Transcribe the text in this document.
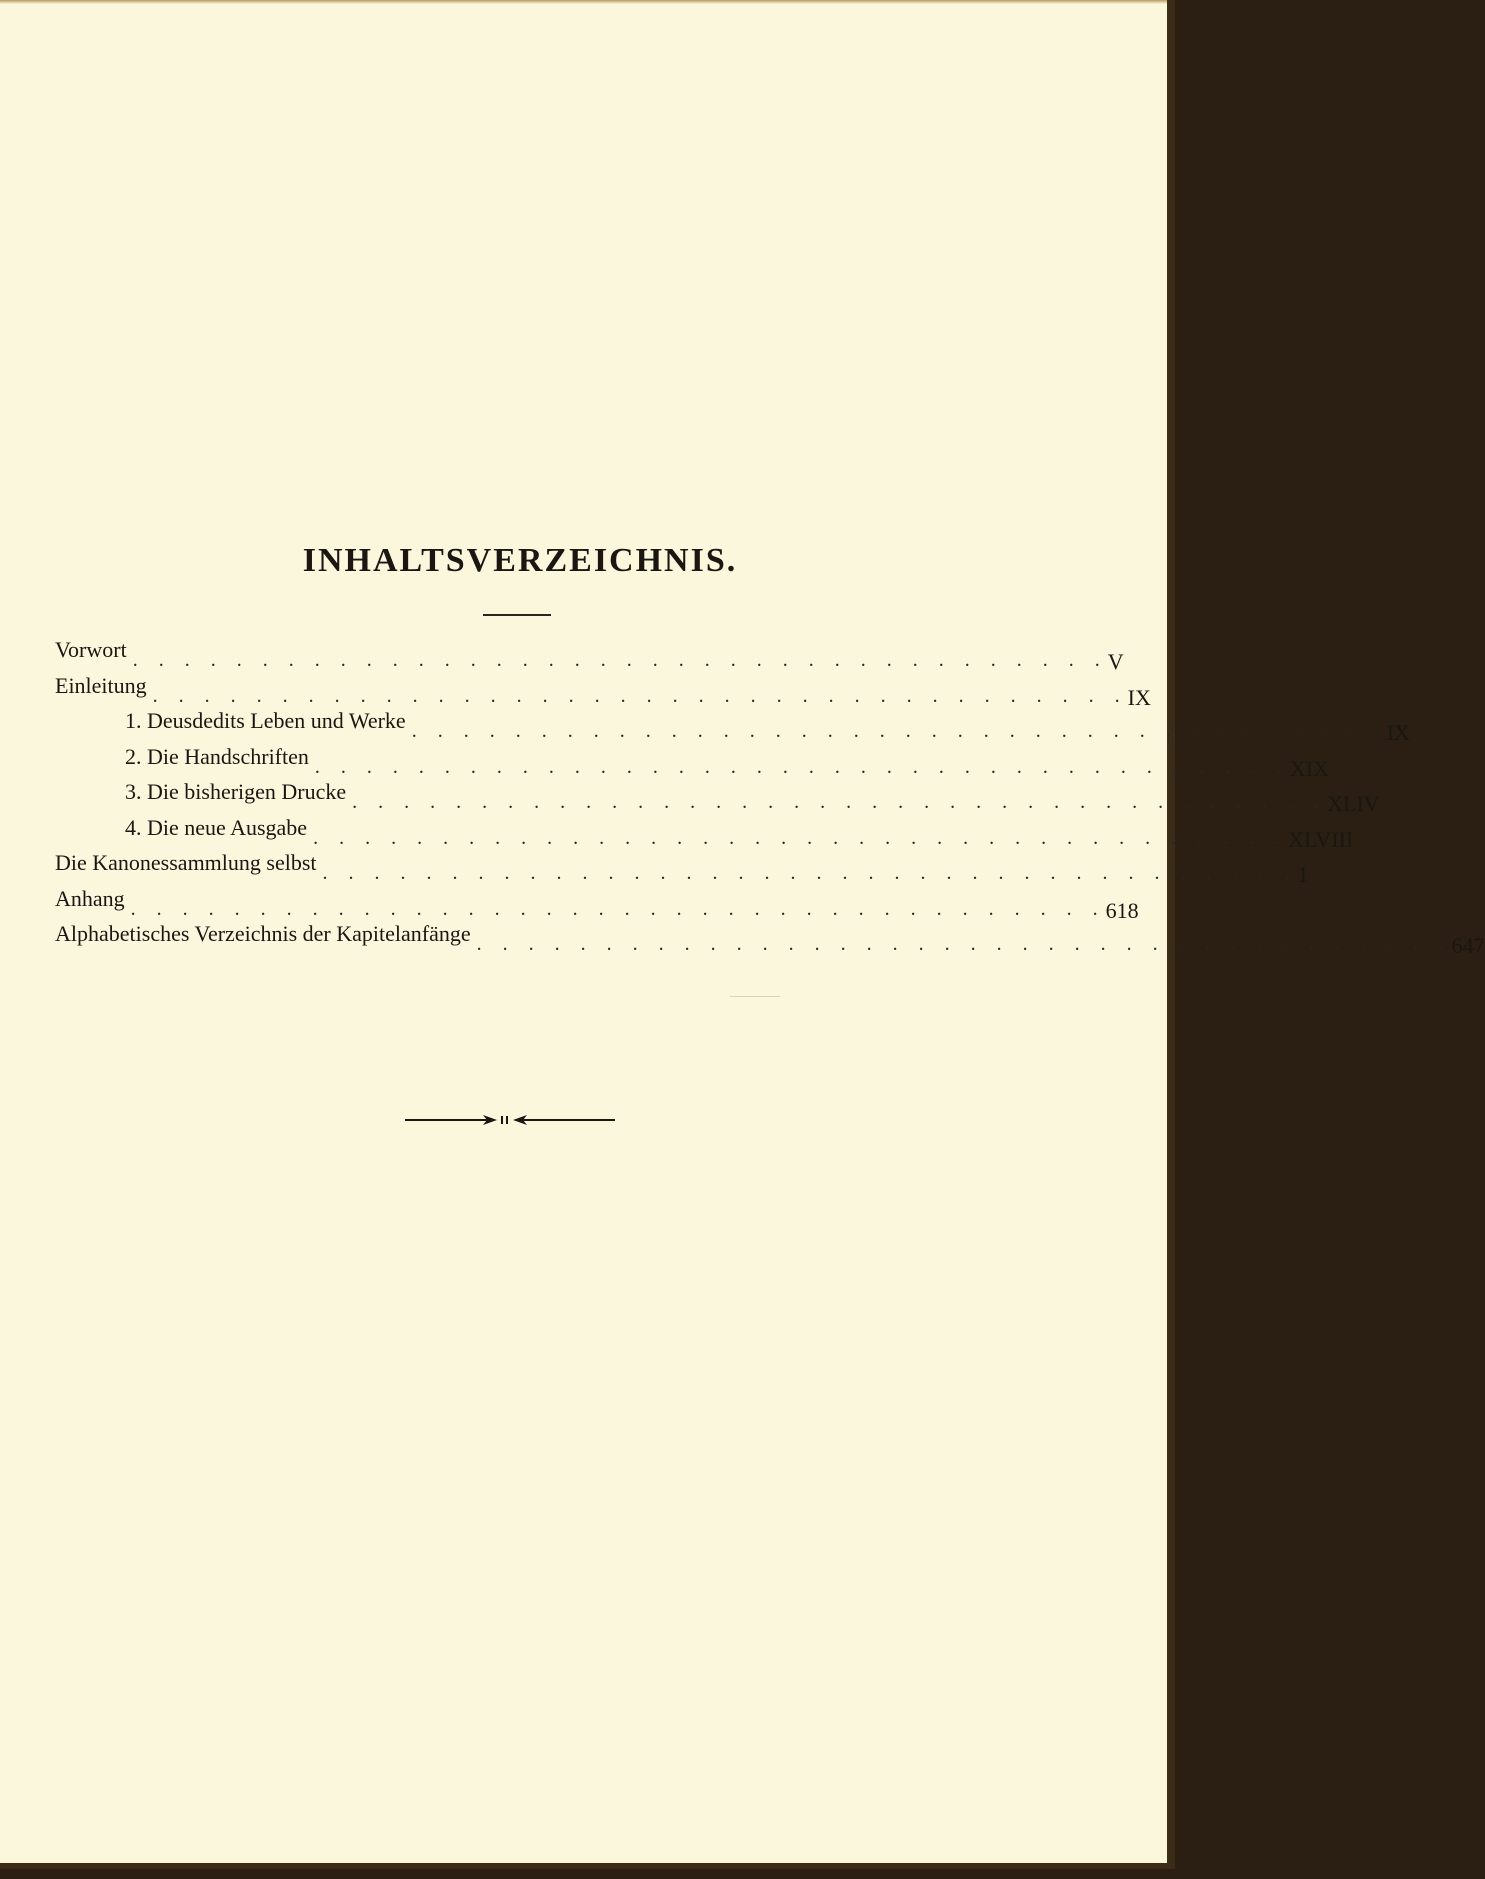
INHALTSVERZEICHNIS.
Vorwort . . . . . . . . . . . . . . . . . . . . . . . . . . . . . . . . . . . . . . V
Einleitung . . . . . . . . . . . . . . . . . . . . . . . . . . . . . . . . . . . . . . IX
1. Deusdedits Leben und Werke . . . . . . . . . . . . . . . . . . . . . . . . . . . . . . . . . . . . . . IX
2. Die Handschriften . . . . . . . . . . . . . . . . . . . . . . . . . . . . . . . . . . . . . . XIX
3. Die bisherigen Drucke . . . . . . . . . . . . . . . . . . . . . . . . . . . . . . . . . . . . . . XLIV
4. Die neue Ausgabe . . . . . . . . . . . . . . . . . . . . . . . . . . . . . . . . . . . . . . XLVIII
Die Kanonessammlung selbst . . . . . . . . . . . . . . . . . . . . . . . . . . . . . . . . . . . . . . 1
Anhang . . . . . . . . . . . . . . . . . . . . . . . . . . . . . . . . . . . . . . 618
Alphabetisches Verzeichnis der Kapitelanfänge . . . . . . . . . . . . . . . . . . . . . . . . . . . . . . . . . . . . . . 647
